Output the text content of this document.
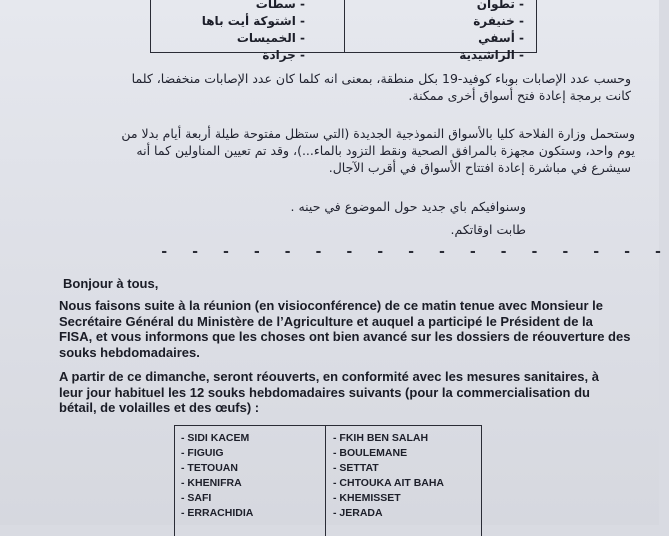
- سطات
- اشتوكة أيت باها
- الخميسات
- جرادة
- تطوان
- خنيفرة
- أسفي
- الراشيدية
وحسب عدد الإصابات بوباء كوفيد-19 بكل منطقة، بمعنى انه كلما كان عدد الإصابات منخفضا، كلما
كانت برمجة إعادة فتح أسواق أخرى ممكنة.
وستحمل وزارة الفلاحة كليا بالأسواق النموذجية الجديدة (التي ستظل مفتوحة طيلة أربعة أيام بدلا من
يوم واحد، وستكون مجهزة بالمرافق الصحية ونقط التزود بالماء...)، وقد تم تعيين المناولين كما أنه
سيشرع في مباشرة إعادة افتتاح الأسواق في أقرب الآجال.
وسنوافيكم باي جديد حول الموضوع في حينه .
طابت اوقاتكم.
- - - - - - - - - - - - - - - - -
Bonjour à tous,
Nous faisons suite à la réunion (en visioconférence) de ce matin tenue avec Monsieur le
Secrétaire Général du Ministère de l’Agriculture et auquel a participé le Président de la
FISA, et vous informons que les choses ont bien avancé sur les dossiers de réouverture des
souks hebdomadaires.
A partir de ce dimanche, seront réouverts, en conformité avec les mesures sanitaires, à
leur jour habituel les 12 souks hebdomadaires suivants (pour la commercialisation du
bétail, de volailles et des œufs) :
- SIDI KACEM
- FIGUIG
- TETOUAN
- KHENIFRA
- SAFI
- ERRACHIDIA
- FKIH BEN SALAH
- BOULEMANE
- SETTAT
- CHTOUKA AIT BAHA
- KHEMISSET
- JERADA
